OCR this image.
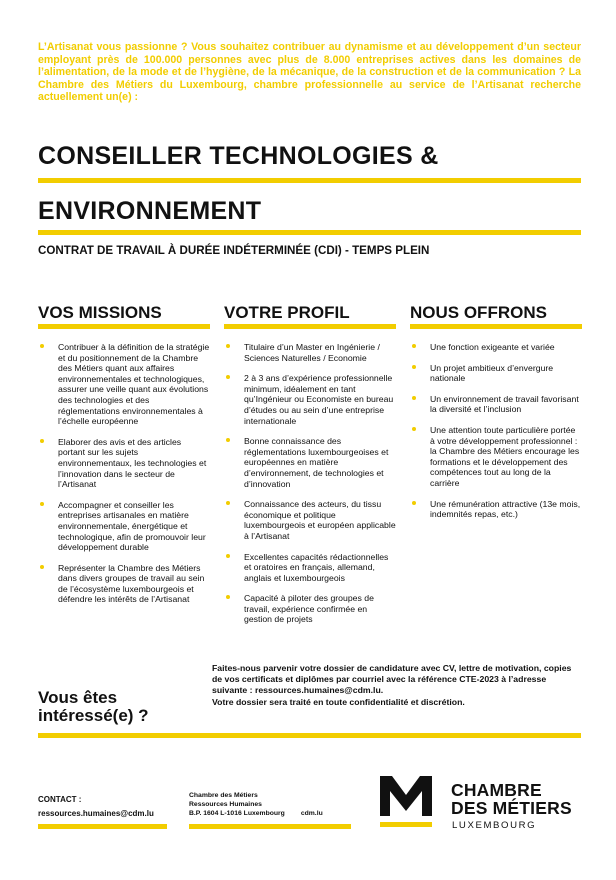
L’Artisanat vous passionne ? Vous souhaitez contribuer au dynamisme et au développement d’un secteur employant près de 100.000 personnes avec plus de 8.000 entreprises actives dans les domaines de l’alimentation, de la mode et de l’hygiène, de la mécanique, de la construction et de la communication ? La Chambre des Métiers du Luxembourg, chambre professionnelle au service de l’Artisanat recherche actuellement un(e) :
CONSEILLER TECHNOLOGIES &
ENVIRONNEMENT
CONTRAT DE TRAVAIL À DURÉE INDÉTERMINÉE (CDI) - TEMPS PLEIN
VOS MISSIONS
Contribuer à la définition de la stratégie et du positionnement de la Chambre des Métiers quant aux affaires environnementales et technologiques, assurer une veille quant aux évolutions des technologies et des réglementations environnementales à l’échelle européenne
Elaborer des avis et des articles portant sur les sujets environnementaux, les technologies et l’innovation dans le secteur de l’Artisanat
Accompagner et conseiller les entreprises artisanales en matière environnementale, énergétique et technologique, afin de promouvoir leur développement durable
Représenter la Chambre des Métiers dans divers groupes de travail au sein de l’écosystème luxembourgeois et défendre les intérêts de l’Artisanat
VOTRE PROFIL
Titulaire d’un Master en Ingénierie / Sciences Naturelles / Economie
2 à 3 ans d’expérience professionnelle minimum, idéalement en tant qu’Ingénieur ou Economiste en bureau d’études ou au sein d’une entreprise internationale
Bonne connaissance des réglementations luxembourgeoises et européennes en matière d’environnement, de technologies et d’innovation
Connaissance des acteurs, du tissu économique et politique luxembourgeois et européen applicable à l’Artisanat
Excellentes capacités rédactionnelles et oratoires en français, allemand, anglais et luxembourgeois
Capacité à piloter des groupes de travail, expérience confirmée en gestion de projets
NOUS OFFRONS
Une fonction exigeante et variée
Un projet ambitieux d’envergure nationale
Un environnement de travail favorisant la diversité et l’inclusion
Une attention toute particulière portée à votre développement professionnel : la Chambre des Métiers encourage les formations et le développement des compétences tout au long de la carrière
Une rémunération attractive (13e mois, indemnités repas, etc.)
Faites-nous parvenir votre dossier de candidature avec CV, lettre de motivation, copies de vos certificats et diplômes par courriel avec la référence CTE-2023 à l’adresse suivante : ressources.humaines@cdm.lu.
Votre dossier sera traité en toute confidentialité et discrétion.
Vous êtes
intéressé(e) ?
CONTACT :
ressources.humaines@cdm.lu
Chambre des Métiers
Ressources Humaines
B.P. 1604 L-1016 Luxembourg cdm.lu
CHAMBRE
DES MÉTIERS
LUXEMBOURG
